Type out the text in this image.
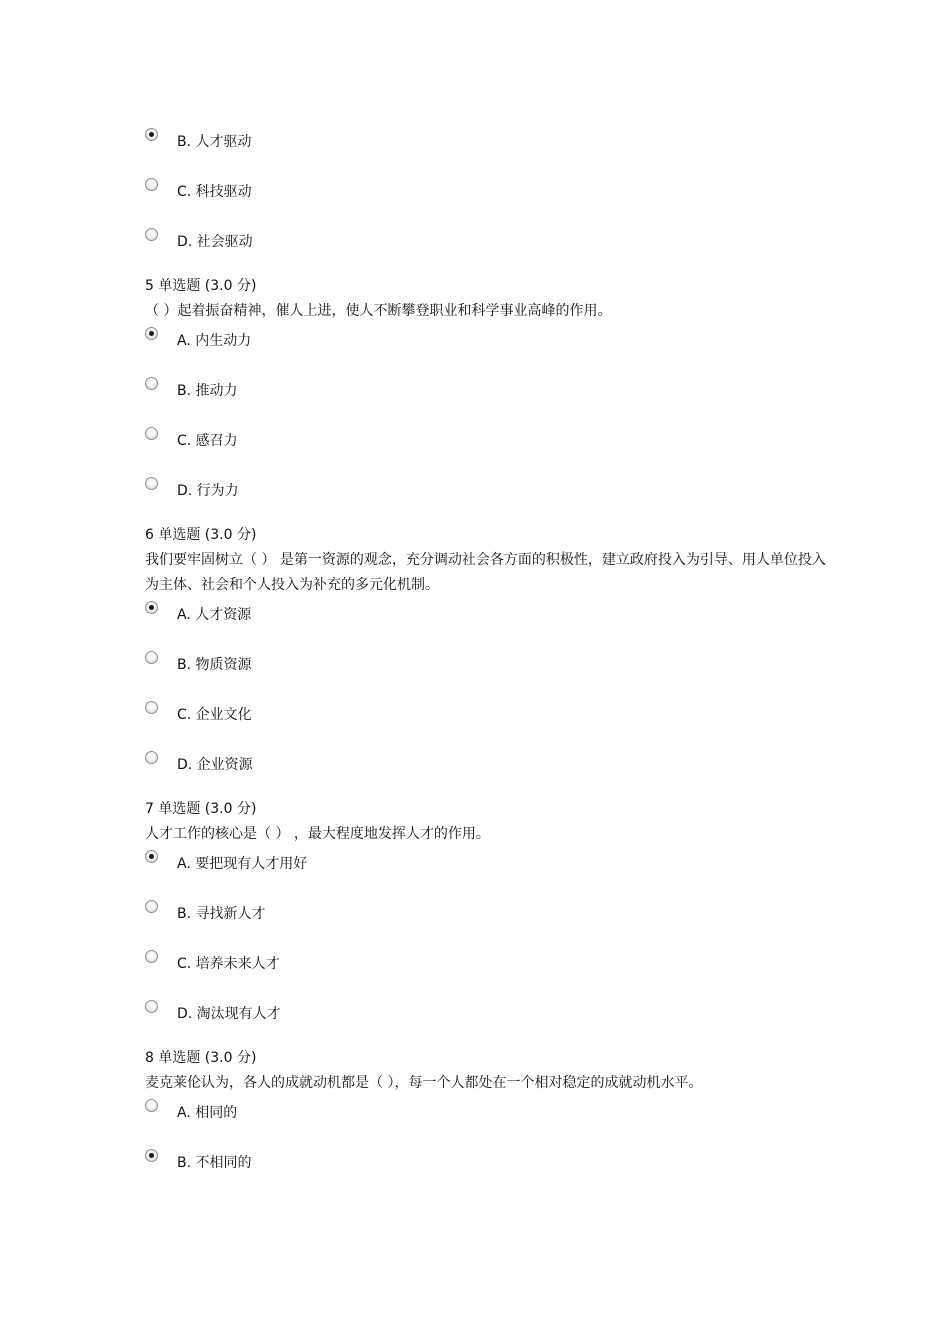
B. 人才驱动
C. 科技驱动
D. 社会驱动
5 单选题 (3.0 分)
（ ）起着振奋精神，催人上进，使人不断攀登职业和科学事业高峰的作用。
A. 内生动力
B. 推动力
C. 感召力
D. 行为力
6 单选题 (3.0 分)
我们要牢固树立（ ） 是第一资源的观念，充分调动社会各方面的积极性，建立政府投入为引导、用人单位投入为主体、社会和个人投入为补充的多元化机制。
A. 人才资源
B. 物质资源
C. 企业文化
D. 企业资源
7 单选题 (3.0 分)
人才工作的核心是（ ） ，最大程度地发挥人才的作用。
A. 要把现有人才用好
B. 寻找新人才
C. 培养未来人才
D. 淘汰现有人才
8 单选题 (3.0 分)
麦克莱伦认为，各人的成就动机都是（ ），每一个人都处在一个相对稳定的成就动机水平。
A. 相同的
B. 不相同的
